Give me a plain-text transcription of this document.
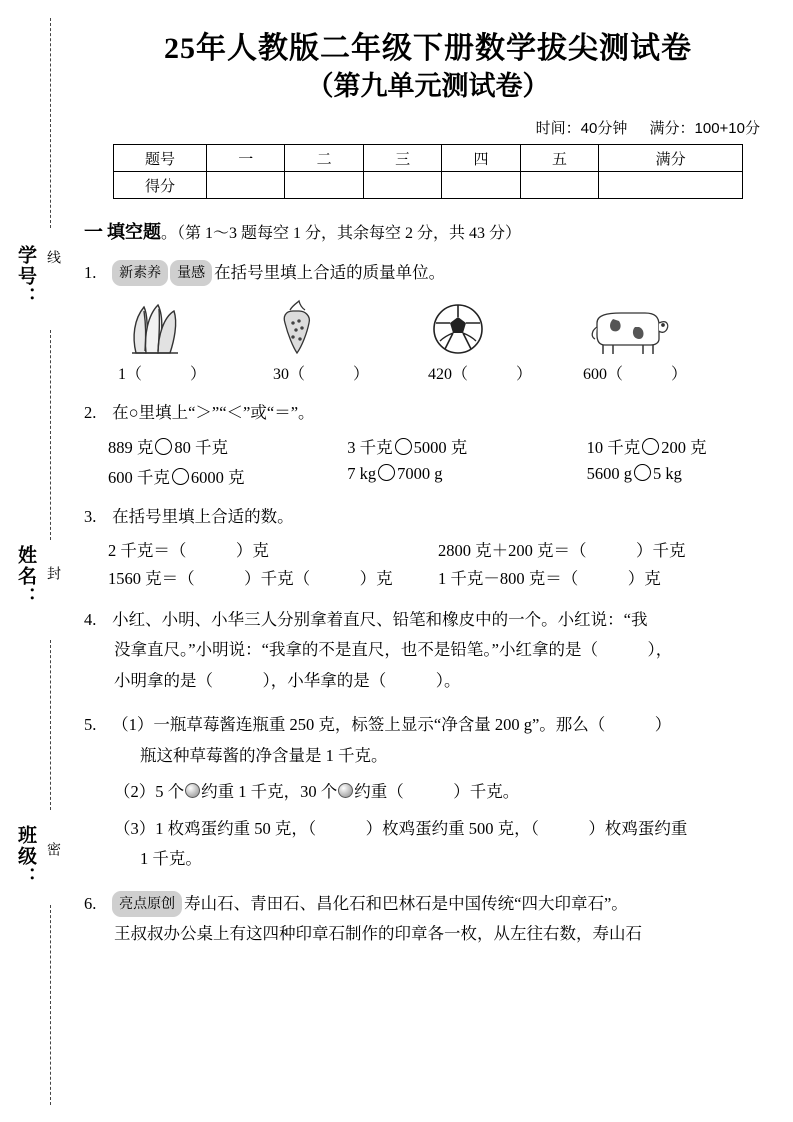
学号： 线
姓名： 封
班级： 密
25年人教版二年级下册数学拔尖测试卷
（第九单元测试卷）
时间：40分钟 满分：100+10分
题号	一	二	三	四	五	满分
得分						
一 填空题 。（第 1～3 题每空 1 分，其余每空 2 分，共 43 分）
1. 新素养 量感 在括号里填上合适的质量单位。
1（	）	30（	）	420（	）	600（	）
2. 在○里填上“＞”“＜”或“＝”。
889 克 80 千克	3 千克 5000 克	10 千克 200 克
600 千克 6000 克	7 kg 7000 g	5600 g 5 kg
3. 在括号里填上合适的数。
2 千克＝（　　　）克	2800 克＋200 克＝（　　　）千克
1560 克＝（　　　）千克（　　　）克	1 千克－800 克＝（　　　）克
4. 小红、小明、小华三人分别拿着直尺、铅笔和橡皮中的一个。小红说：“我
没拿直尺。”小明说：“我拿的不是直尺，也不是铅笔。”小红拿的是（　　　），
小明拿的是（　　　），小华拿的是（　　　）。
5. （1）一瓶草莓酱连瓶重 250 克，标签上显示“净含量 200 g”。那么（　　　）
瓶这种草莓酱的净含量是 1 千克。
（2）5 个 约重 1 千克，30 个 约重（　　　）千克。
（3）1 枚鸡蛋约重 50 克，（　　　）枚鸡蛋约重 500 克，（　　　）枚鸡蛋约重
1 千克。
6. 亮点原创 寿山石、青田石、昌化石和巴林石是中国传统“四大印章石”。
王叔叔办公桌上有这四种印章石制作的印章各一枚，从左往右数，寿山石
